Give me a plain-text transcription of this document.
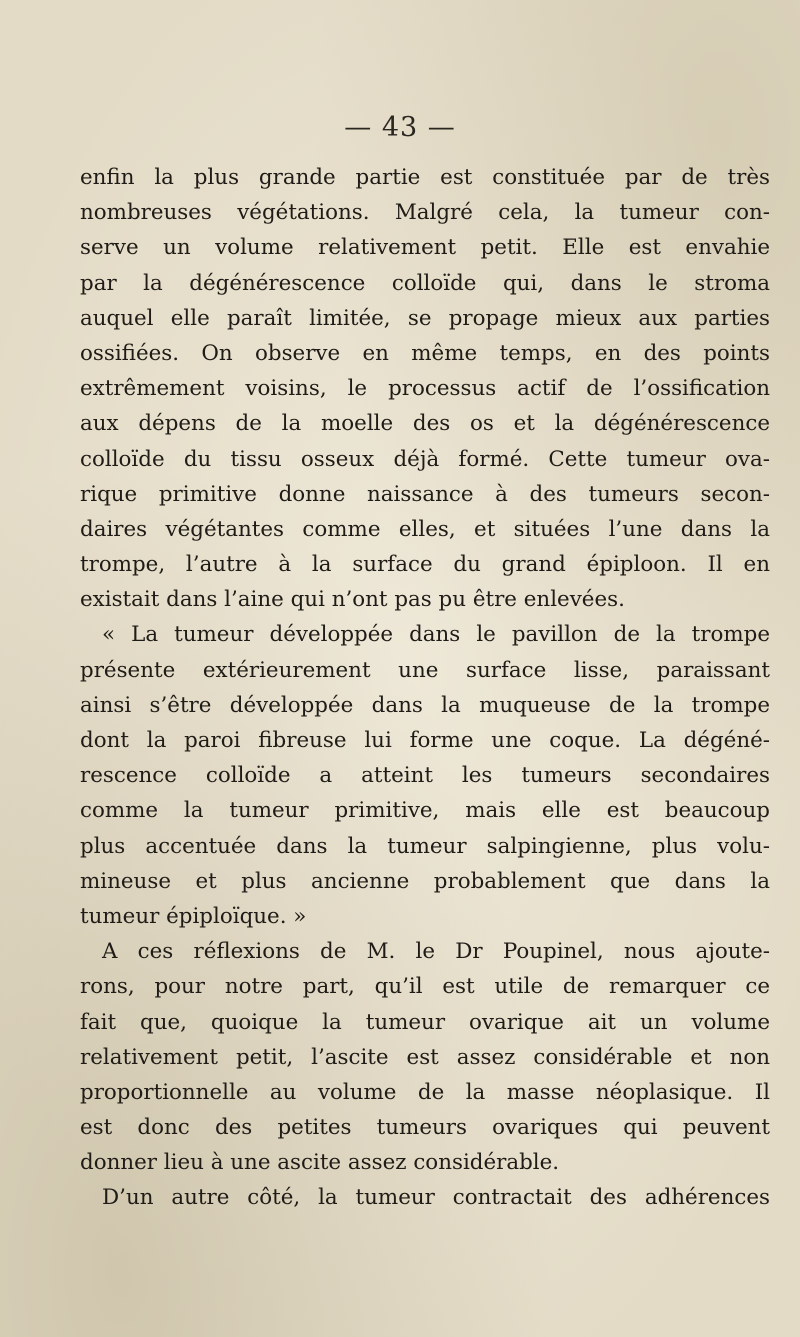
— 43 —
enfin la plus grande partie est constituée par de très
nombreuses végétations. Malgré cela, la tumeur con-
serve un volume relativement petit. Elle est envahie
par la dégénérescence colloïde qui, dans le stroma
auquel elle paraît limitée, se propage mieux aux parties
ossifiées. On observe en même temps, en des points
extrêmement voisins, le processus actif de l’ossification
aux dépens de la moelle des os et la dégénérescence
colloïde du tissu osseux déjà formé. Cette tumeur ova-
rique primitive donne naissance à des tumeurs secon-
daires végétantes comme elles, et situées l’une dans la
trompe, l’autre à la surface du grand épiploon. Il en
existait dans l’aine qui n’ont pas pu être enlevées.
« La tumeur développée dans le pavillon de la trompe
présente extérieurement une surface lisse, paraissant
ainsi s’être développée dans la muqueuse de la trompe
dont la paroi fibreuse lui forme une coque. La dégéné-
rescence colloïde a atteint les tumeurs secondaires
comme la tumeur primitive, mais elle est beaucoup
plus accentuée dans la tumeur salpingienne, plus volu-
mineuse et plus ancienne probablement que dans la
tumeur épiploïque. »
A ces réflexions de M. le Dr Poupinel, nous ajoute-
rons, pour notre part, qu’il est utile de remarquer ce
fait que, quoique la tumeur ovarique ait un volume
relativement petit, l’ascite est assez considérable et non
proportionnelle au volume de la masse néoplasique. Il
est donc des petites tumeurs ovariques qui peuvent
donner lieu à une ascite assez considérable.
D’un autre côté, la tumeur contractait des adhérences
